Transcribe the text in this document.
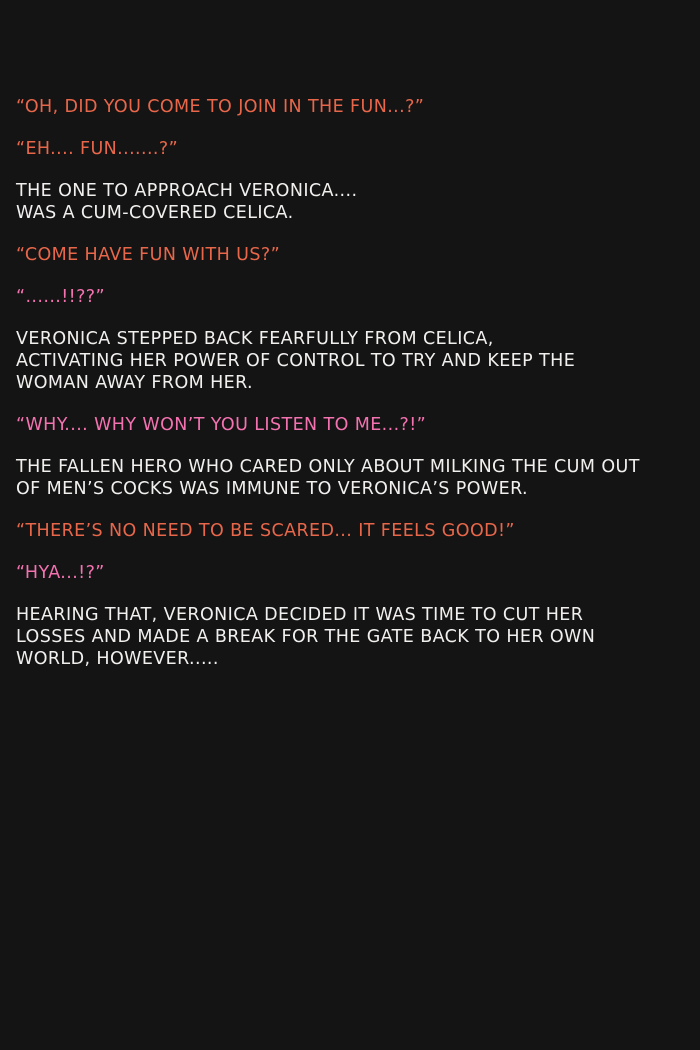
“OH, DID YOU COME TO JOIN IN THE FUN...?”
“EH.... FUN.......?”
THE ONE TO APPROACH VERONICA....
WAS A CUM-COVERED CELICA.
“COME HAVE FUN WITH US?”
“......!!??”
VERONICA STEPPED BACK FEARFULLY FROM CELICA,
ACTIVATING HER POWER OF CONTROL TO TRY AND KEEP THE
WOMAN AWAY FROM HER.
“WHY.... WHY WON’T YOU LISTEN TO ME...?!”
THE FALLEN HERO WHO CARED ONLY ABOUT MILKING THE CUM OUT
OF MEN’S COCKS WAS IMMUNE TO VERONICA’S POWER.
“THERE’S NO NEED TO BE SCARED... IT FEELS GOOD!”
“HYA...!?”
HEARING THAT, VERONICA DECIDED IT WAS TIME TO CUT HER
LOSSES AND MADE A BREAK FOR THE GATE BACK TO HER OWN
WORLD, HOWEVER.....
